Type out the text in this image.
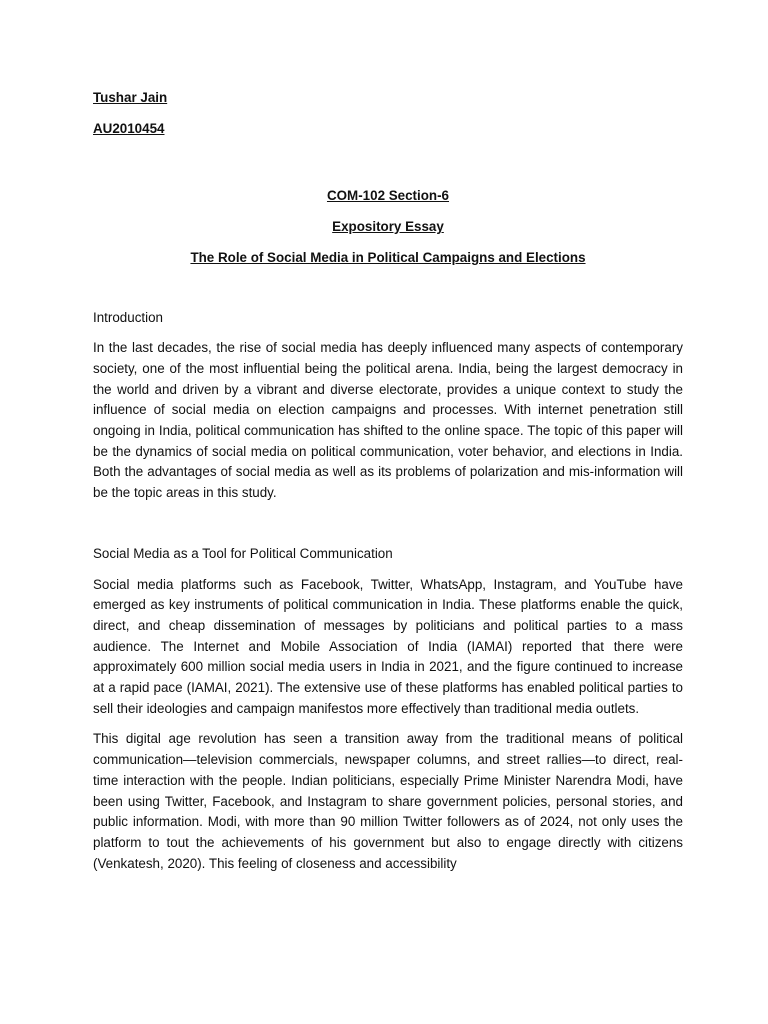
Tushar Jain
AU2010454
COM-102 Section-6
Expository Essay
The Role of Social Media in Political Campaigns and Elections
Introduction
In the last decades, the rise of social media has deeply influenced many aspects of contemporary society, one of the most influential being the political arena. India, being the largest democracy in the world and driven by a vibrant and diverse electorate, provides a unique context to study the influence of social media on election campaigns and processes. With internet penetration still ongoing in India, political communication has shifted to the online space. The topic of this paper will be the dynamics of social media on political communication, voter behavior, and elections in India. Both the advantages of social media as well as its problems of polarization and mis-information will be the topic areas in this study.
Social Media as a Tool for Political Communication
Social media platforms such as Facebook, Twitter, WhatsApp, Instagram, and YouTube have emerged as key instruments of political communication in India. These platforms enable the quick, direct, and cheap dissemination of messages by politicians and political parties to a mass audience. The Internet and Mobile Association of India (IAMAI) reported that there were approximately 600 million social media users in India in 2021, and the figure continued to increase at a rapid pace (IAMAI, 2021). The extensive use of these platforms has enabled political parties to sell their ideologies and campaign manifestos more effectively than traditional media outlets.
This digital age revolution has seen a transition away from the traditional means of political communication—television commercials, newspaper columns, and street rallies—to direct, real-time interaction with the people. Indian politicians, especially Prime Minister Narendra Modi, have been using Twitter, Facebook, and Instagram to share government policies, personal stories, and public information. Modi, with more than 90 million Twitter followers as of 2024, not only uses the platform to tout the achievements of his government but also to engage directly with citizens (Venkatesh, 2020). This feeling of closeness and accessibility
